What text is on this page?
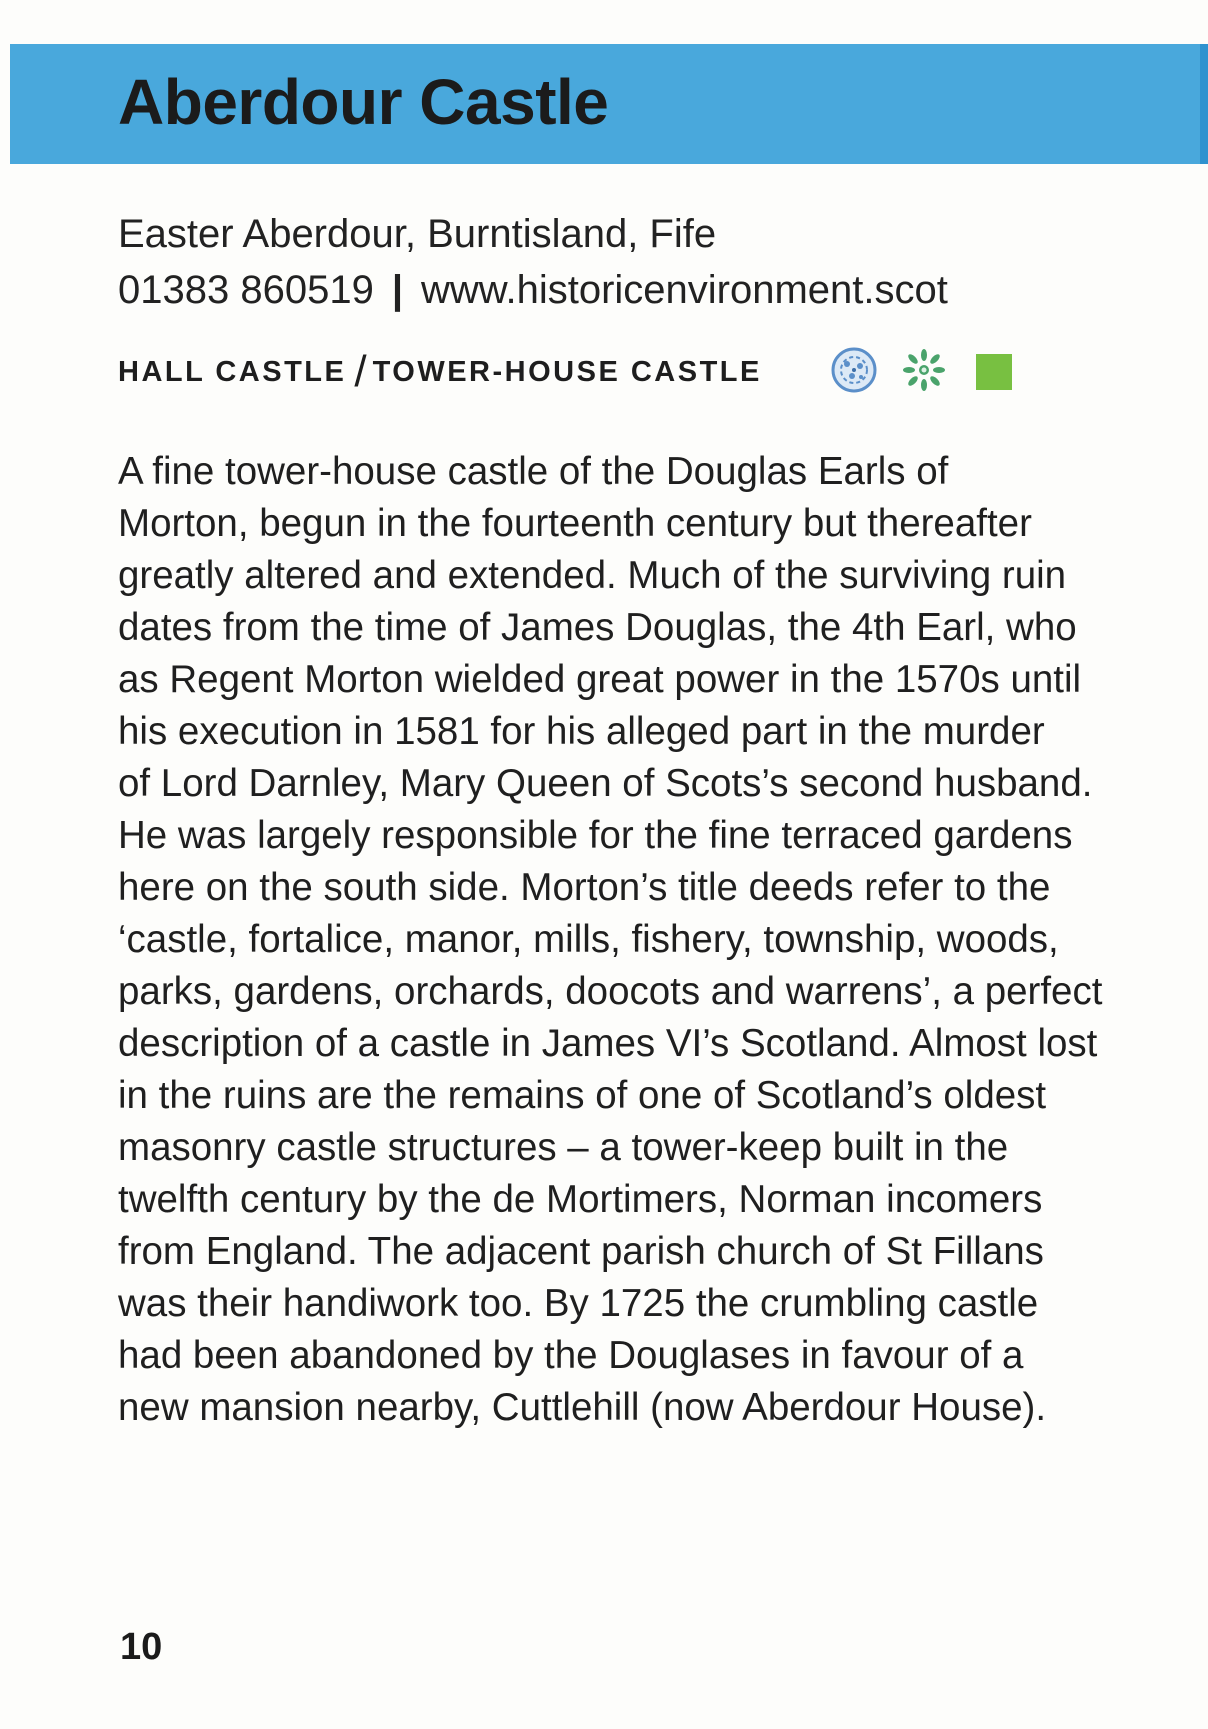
Aberdour Castle
Easter Aberdour, Burntisland, Fife
01383 860519 | www.historicenvironment.scot
HALL CASTLE / TOWER-HOUSE CASTLE
A fine tower-house castle of the Douglas Earls of
Morton, begun in the fourteenth century but thereafter
greatly altered and extended. Much of the surviving ruin
dates from the time of James Douglas, the 4th Earl, who
as Regent Morton wielded great power in the 1570s until
his execution in 1581 for his alleged part in the murder
of Lord Darnley, Mary Queen of Scots’s second husband.
He was largely responsible for the fine terraced gardens
here on the south side. Morton’s title deeds refer to the
‘castle, fortalice, manor, mills, fishery, township, woods,
parks, gardens, orchards, doocots and warrens’, a perfect
description of a castle in James VI’s Scotland. Almost lost
in the ruins are the remains of one of Scotland’s oldest
masonry castle structures – a tower-keep built in the
twelfth century by the de Mortimers, Norman incomers
from England. The adjacent parish church of St Fillans
was their handiwork too. By 1725 the crumbling castle
had been abandoned by the Douglases in favour of a
new mansion nearby, Cuttlehill (now Aberdour House).
10
